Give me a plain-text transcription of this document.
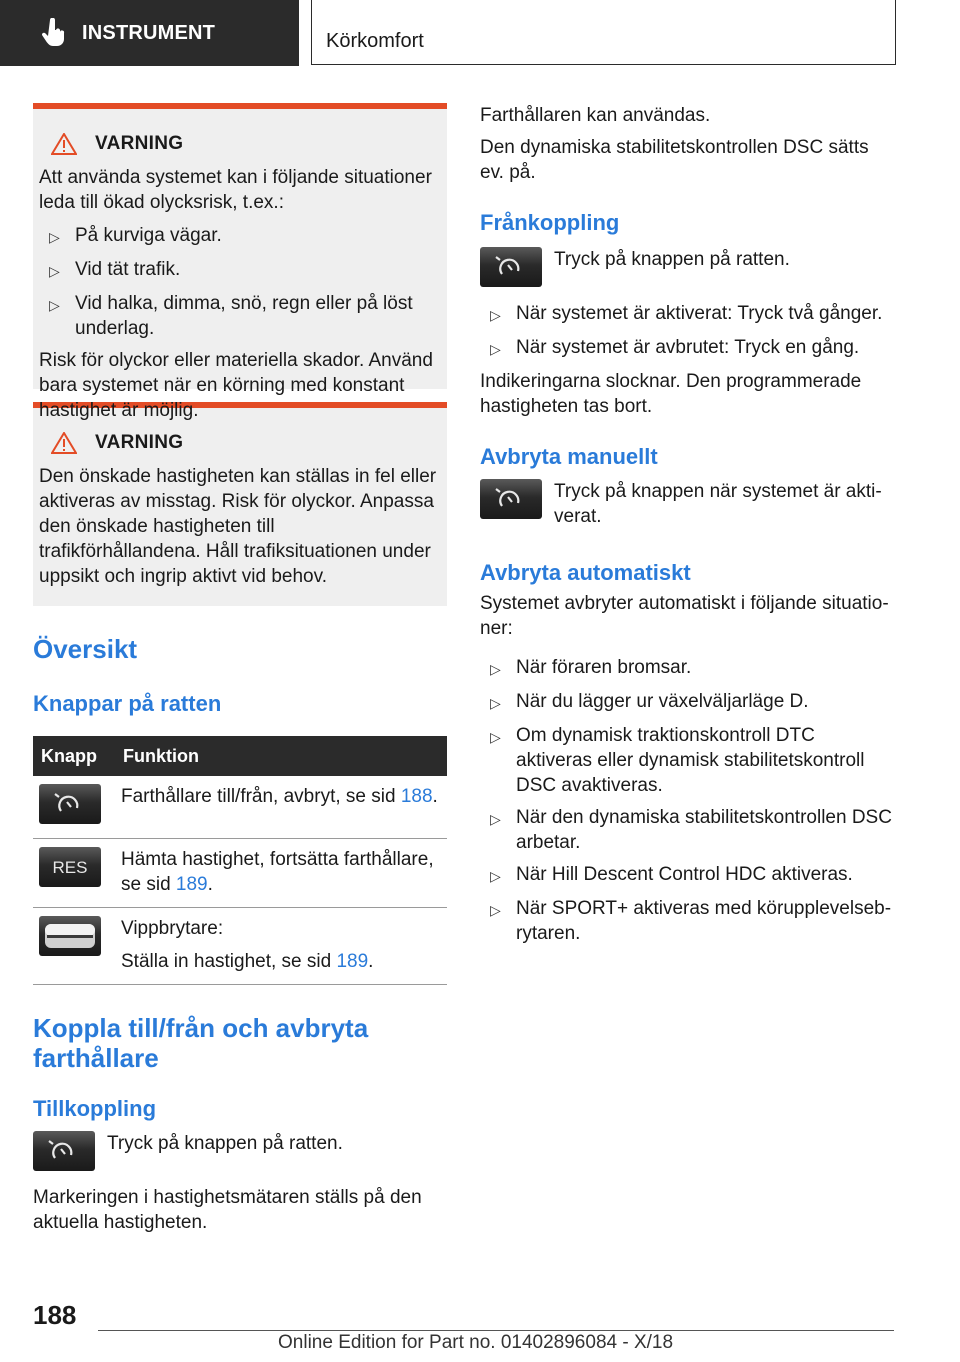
INSTRUMENT	Körkomfort
VARNING

Att använda systemet kan i följande situationer leda till ökad olycksrisk, t.ex.:

▷ På kurviga vägar.
▷ Vid tät trafik.
▷ Vid halka, dimma, snö, regn eller på löst underlag.

Risk för olyckor eller materiella skador. Använd bara systemet när en körning med konstant hastighet är möjlig.

VARNING

Den önskade hastigheten kan ställas in fel eller aktiveras av misstag. Risk för olyckor. Anpassa den önskade hastigheten till trafikförhållandena. Håll trafiksituationen under uppsikt och ingrip aktivt vid behov.

Översikt
Knappar på ratten
Knapp	Funktion

	Farthållare till/från, avbryt, se sid 188.

RES	Hämta hastighet, fortsätta farthållare, se sid 189.

Vippbrytare:
Ställa in hastighet, se sid 189.
Koppla till/från och avbryta farthållare
Tillkoppling

Tryck på knappen på ratten.

Markeringen i hastighetsmätaren ställs på den aktuella hastigheten.

Farthållaren kan användas.

Den dynamiska stabilitetskontrollen DSC sätts ev. på.

Frånkoppling

Tryck på knappen på ratten.

▷ När systemet är aktiverat: Tryck två gånger.
▷ När systemet är avbrutet: Tryck en gång.

Indikeringarna slocknar. Den programmerade hastigheten tas bort.

Avbryta manuellt

Tryck på knappen när systemet är aktiverat.

Avbryta automatiskt

Systemet avbryter automatiskt i följande situationer:

▷ När föraren bromsar.
▷ När du lägger ur växelväljarläge D.
▷ Om dynamisk traktionskontroll DTC aktiveras eller dynamisk stabilitetskontroll DSC avaktiveras.
▷ När den dynamiska stabilitetskontrollen DSC arbetar.
▷ När Hill Descent Control HDC aktiveras.
▷ När SPORT+ aktiveras med körupplevelsebrytaren.
188
Online Edition for Part no. 01402896084 - X/18
